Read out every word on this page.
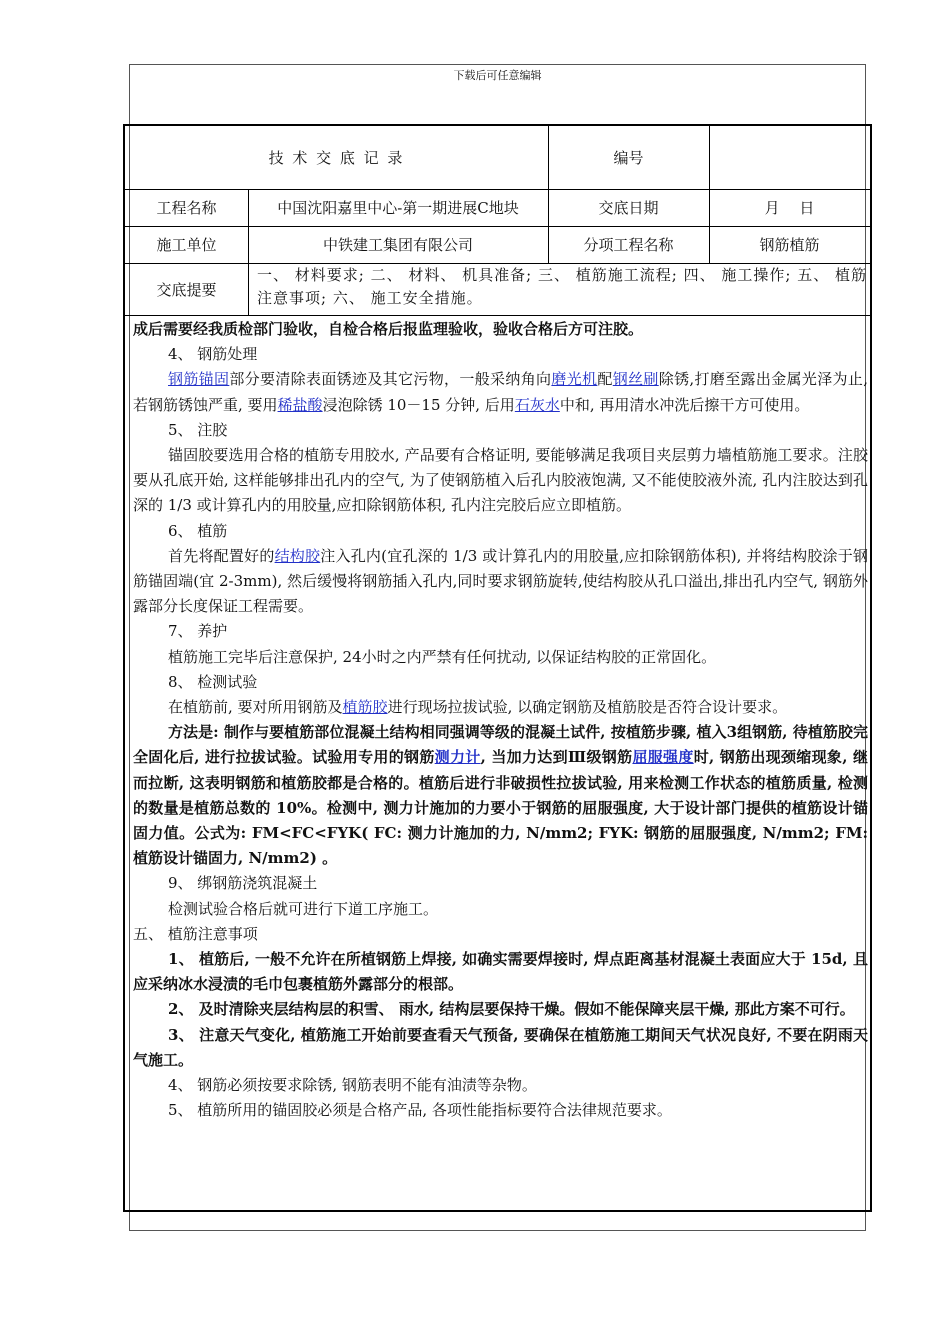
下载后可任意编辑
技 术 交 底 记 录	编号
工程名称	中国沈阳嘉里中心-第一期进展C地块	交底日期	月　 日
施工单位	中铁建工集团有限公司	分项工程名称	钢筋植筋
交底提要
一、 材料要求; 二、 材料、 机具准备; 三、 植筋施工流程; 四、 施工操作; 五、 植筋注意事项; 六、 施工安全措施。

成后需要经我质检部门验收，自检合格后报监理验收，验收合格后方可注胶。

4、 钢筋处理

钢筋锚固部分要清除表面锈迹及其它污物，一般采纳角向磨光机配钢丝刷除锈,打磨至露出金属光泽为止, 若钢筋锈蚀严重, 要用稀盐酸浸泡除锈 10－15 分钟, 后用石灰水中和, 再用清水冲洗后擦干方可使用。

5、 注胶

锚固胶要选用合格的植筋专用胶水, 产品要有合格证明, 要能够满足我项目夹层剪力墙植筋施工要求。注胶要从孔底开始, 这样能够排出孔内的空气, 为了使钢筋植入后孔内胶液饱满, 又不能使胶液外流, 孔内注胶达到孔深的 1/3 或计算孔内的用胶量,应扣除钢筋体积, 孔内注完胶后应立即植筋。

6、 植筋

首先将配置好的结构胶注入孔内(宜孔深的 1/3 或计算孔内的用胶量,应扣除钢筋体积), 并将结构胶涂于钢筋锚固端(宜 2-3mm), 然后缓慢将钢筋插入孔内,同时要求钢筋旋转,使结构胶从孔口溢出,排出孔内空气, 钢筋外露部分长度保证工程需要。

7、 养护

植筋施工完毕后注意保护, 24小时之内严禁有任何扰动, 以保证结构胶的正常固化。

8、 检测试验

在植筋前, 要对所用钢筋及植筋胶进行现场拉拔试验, 以确定钢筋及植筋胶是否符合设计要求。

方法是: 制作与要植筋部位混凝土结构相同强调等级的混凝土试件, 按植筋步骤, 植入3组钢筋, 待植筋胶完全固化后, 进行拉拔试验。试验用专用的钢筋测力计, 当加力达到Ⅲ级钢筋屈服强度时, 钢筋出现颈缩现象, 继而拉断, 这表明钢筋和植筋胶都是合格的。植筋后进行非破损性拉拔试验, 用来检测工作状态的植筋质量, 检测的数量是植筋总数的 10%。检测中, 测力计施加的力要小于钢筋的屈服强度, 大于设计部门提供的植筋设计锚固力值。公式为: FM<FC<FYK( FC: 测力计施加的力, N/mm2; FYK: 钢筋的屈服强度, N/mm2; FM: 植筋设计锚固力, N/mm2) 。

9、 绑钢筋浇筑混凝土

检测试验合格后就可进行下道工序施工。

五、 植筋注意事项

1、 植筋后, 一般不允许在所植钢筋上焊接, 如确实需要焊接时, 焊点距离基材混凝土表面应大于 15d, 且应采纳冰水浸渍的毛巾包裹植筋外露部分的根部。

2、 及时清除夹层结构层的积雪、 雨水, 结构层要保持干燥。假如不能保障夹层干燥, 那此方案不可行。

3、 注意天气变化, 植筋施工开始前要查看天气预备, 要确保在植筋施工期间天气状况良好, 不要在阴雨天气施工。

4、 钢筋必须按要求除锈, 钢筋表明不能有油渍等杂物。

5、 植筋所用的锚固胶必须是合格产品, 各项性能指标要符合法律规范要求。
